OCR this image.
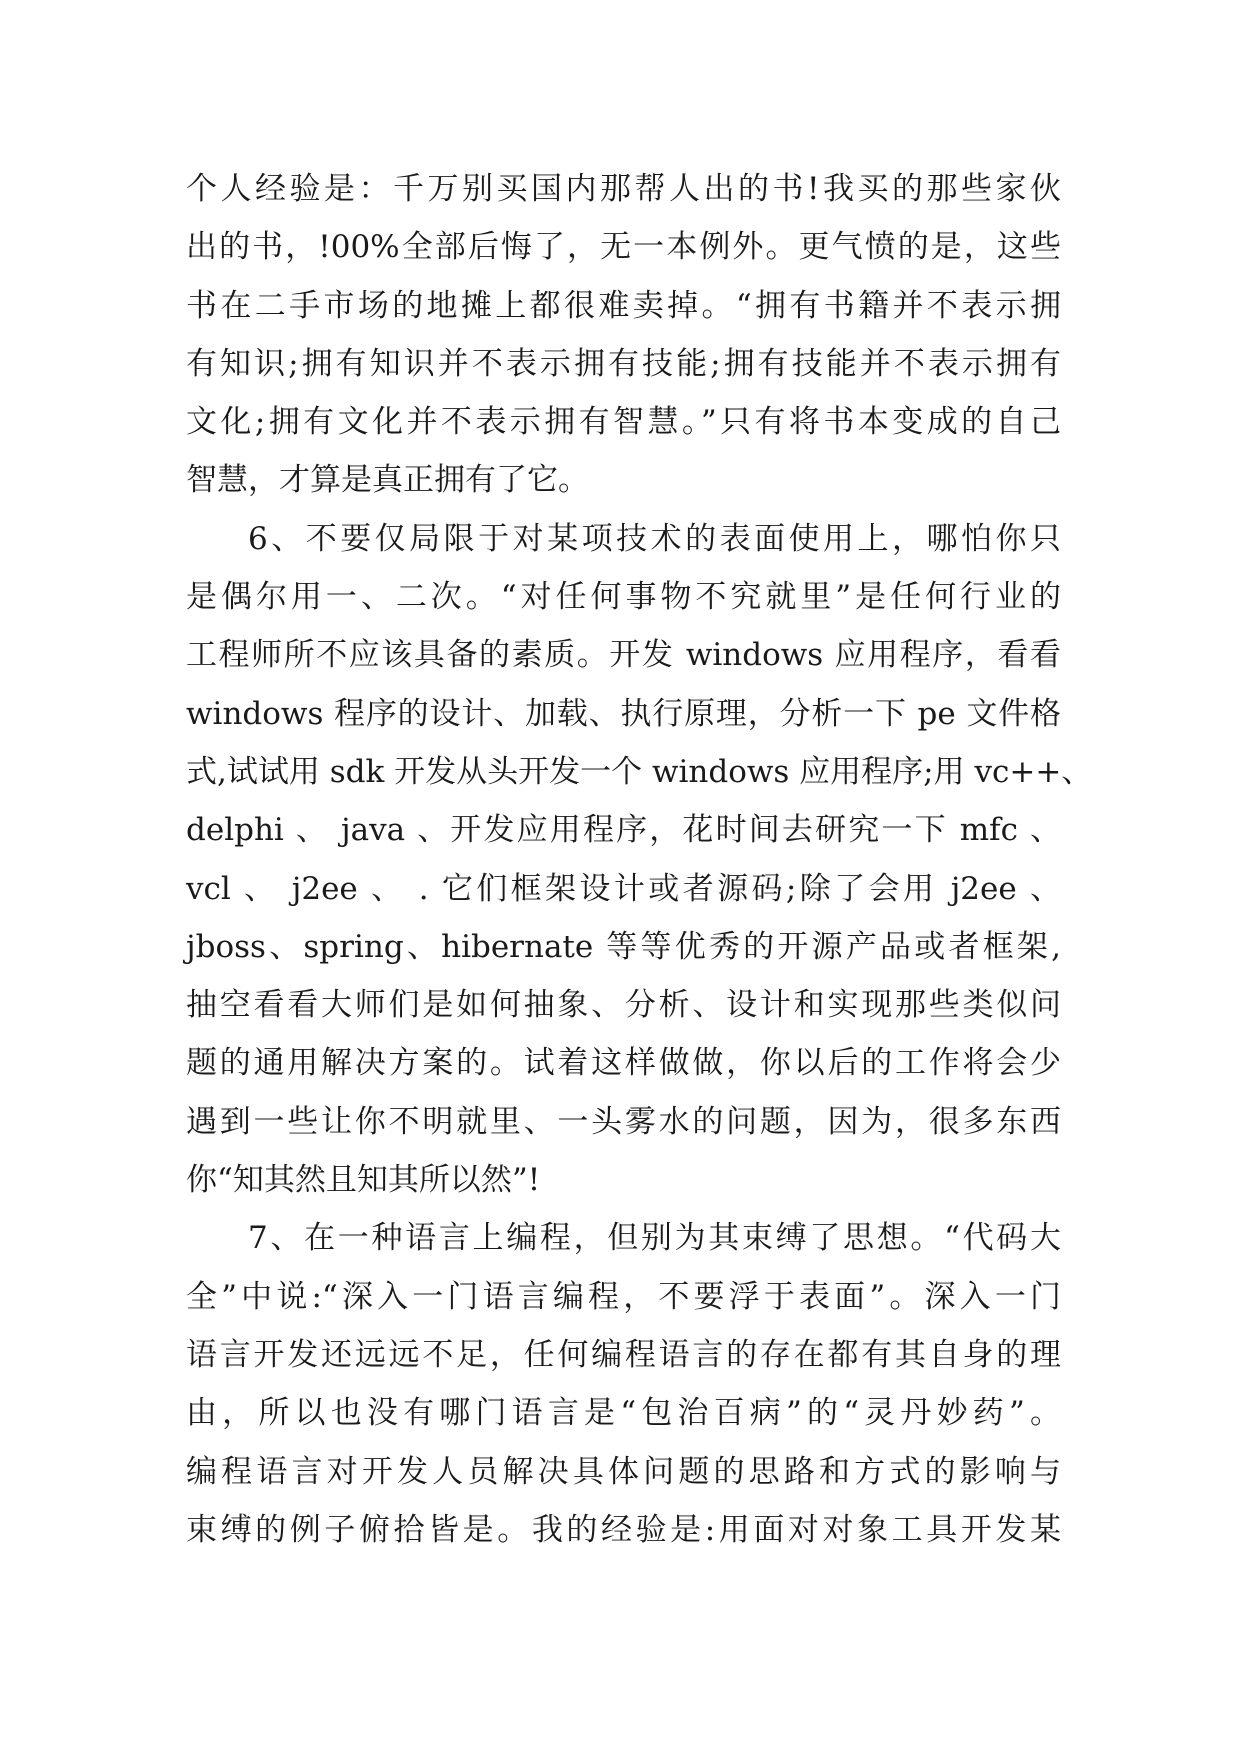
个人经验是：千万别买国内那帮人出的书!我买的那些家伙
出的书，!00%全部后悔了，无一本例外。更气愤的是，这些
书在二手市场的地摊上都很难卖掉。“拥有书籍并不表示拥
有知识;拥有知识并不表示拥有技能;拥有技能并不表示拥有
文化;拥有文化并不表示拥有智慧。”只有将书本变成的自己
智慧，才算是真正拥有了它。
6、不要仅局限于对某项技术的表面使用上，哪怕你只
是偶尔用一、二次。“对任何事物不究就里”是任何行业的
工程师所不应该具备的素质。开发 windows 应用程序，看看
windows 程序的设计、加载、执行原理，分析一下 pe 文件格
式,试试用 sdk 开发从头开发一个 windows 应用程序;用 vc++、
delphi 、 java 、开发应用程序，花时间去研究一下 mfc 、
vcl 、 j2ee 、 . 它们框架设计或者源码;除了会用 j2ee 、
jboss、spring、hibernate 等等优秀的开源产品或者框架,
抽空看看大师们是如何抽象、分析、设计和实现那些类似问
题的通用解决方案的。试着这样做做，你以后的工作将会少
遇到一些让你不明就里、一头雾水的问题，因为，很多东西
你“知其然且知其所以然”!
7、在一种语言上编程，但别为其束缚了思想。“代码大
全”中说:“深入一门语言编程，不要浮于表面”。深入一门
语言开发还远远不足，任何编程语言的存在都有其自身的理
由，所以也没有哪门语言是“包治百病”的“灵丹妙药”。
编程语言对开发人员解决具体问题的思路和方式的影响与
束缚的例子俯拾皆是。我的经验是:用面对对象工具开发某
